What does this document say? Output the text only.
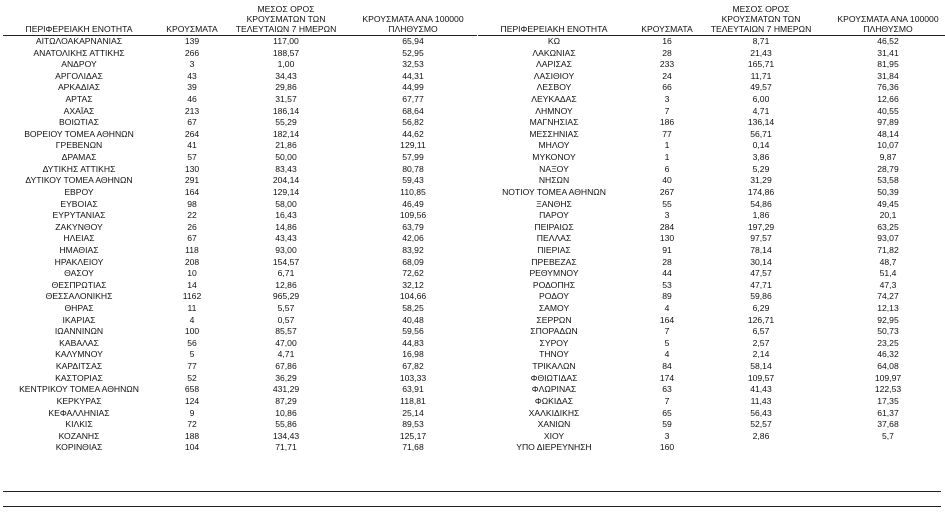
ΠΕΡΙΦΕΡΕΙΑΚΗ ΕΝΟΤΗΤΑ	ΚΡΟΥΣΜΑΤΑ
ΜΕΣΟΣ ΟΡΟΣ
ΚΡΟΥΣΜΑΤΩΝ ΤΩΝ
ΤΕΛΕΥΤΑΙΩΝ 7 ΗΜΕΡΩΝ
ΚΡΟΥΣΜΑΤΑ ΑΝΑ 100000
ΠΛΗΘΥΣΜΟ
ΑΙΤΩΛΟΑΚΑΡΝΑΝΙΑΣ	139	117,00	65,94
ΑΝΑΤΟΛΙΚΗΣ ΑΤΤΙΚΗΣ	266	188,57	52,95
ΑΝΔΡΟΥ	3	1,00	32,53
ΑΡΓΟΛΙΔΑΣ	43	34,43	44,31
ΑΡΚΑΔΙΑΣ	39	29,86	44,99
ΑΡΤΑΣ	46	31,57	67,77
ΑΧΑΪΑΣ	213	186,14	68,64
ΒΟΙΩΤΙΑΣ	67	55,29	56,82
ΒΟΡΕΙΟΥ ΤΟΜΕΑ ΑΘΗΝΩΝ	264	182,14	44,62
ΓΡΕΒΕΝΩΝ	41	21,86	129,11
ΔΡΑΜΑΣ	57	50,00	57,99
ΔΥΤΙΚΗΣ ΑΤΤΙΚΗΣ	130	83,43	80,78
ΔΥΤΙΚΟΥ ΤΟΜΕΑ ΑΘΗΝΩΝ	291	204,14	59,43
ΕΒΡΟΥ	164	129,14	110,85
ΕΥΒΟΙΑΣ	98	58,00	46,49
ΕΥΡΥΤΑΝΙΑΣ	22	16,43	109,56
ΖΑΚΥΝΘΟΥ	26	14,86	63,79
ΗΛΕΙΑΣ	67	43,43	42,06
ΗΜΑΘΙΑΣ	118	93,00	83,92
ΗΡΑΚΛΕΙΟΥ	208	154,57	68,09
ΘΑΣΟΥ	10	6,71	72,62
ΘΕΣΠΡΩΤΙΑΣ	14	12,86	32,12
ΘΕΣΣΑΛΟΝΙΚΗΣ	1162	965,29	104,66
ΘΗΡΑΣ	11	5,57	58,25
ΙΚΑΡΙΑΣ	4	0,57	40,48
ΙΩΑΝΝΙΝΩΝ	100	85,57	59,56
ΚΑΒΑΛΑΣ	56	47,00	44,83
ΚΑΛΥΜΝΟΥ	5	4,71	16,98
ΚΑΡΔΙΤΣΑΣ	77	67,86	67,82
ΚΑΣΤΟΡΙΑΣ	52	36,29	103,33
ΚΕΝΤΡΙΚΟΥ ΤΟΜΕΑ ΑΘΗΝΩΝ	658	431,29	63,91
ΚΕΡΚΥΡΑΣ	124	87,29	118,81
ΚΕΦΑΛΛΗΝΙΑΣ	9	10,86	25,14
ΚΙΛΚΙΣ	72	55,86	89,53
ΚΟΖΑΝΗΣ	188	134,43	125,17
ΚΟΡΙΝΘΙΑΣ	104	71,71	71,68
ΠΕΡΙΦΕΡΕΙΑΚΗ ΕΝΟΤΗΤΑ	ΚΡΟΥΣΜΑΤΑ
ΜΕΣΟΣ ΟΡΟΣ
ΚΡΟΥΣΜΑΤΩΝ ΤΩΝ
ΤΕΛΕΥΤΑΙΩΝ 7 ΗΜΕΡΩΝ
ΚΡΟΥΣΜΑΤΑ ΑΝΑ 100000
ΠΛΗΘΥΣΜΟ
ΚΩ	16	8,71	46,52
ΛΑΚΩΝΙΑΣ	28	21,43	31,41
ΛΑΡΙΣΑΣ	233	165,71	81,95
ΛΑΣΙΘΙΟΥ	24	11,71	31,84
ΛΕΣΒΟΥ	66	49,57	76,36
ΛΕΥΚΑΔΑΣ	3	6,00	12,66
ΛΗΜΝΟΥ	7	4,71	40,55
ΜΑΓΝΗΣΙΑΣ	186	136,14	97,89
ΜΕΣΣΗΝΙΑΣ	77	56,71	48,14
ΜΗΛΟΥ	1	0,14	10,07
ΜΥΚΟΝΟΥ	1	3,86	9,87
ΝΑΞΟΥ	6	5,29	28,79
ΝΗΣΩΝ	40	31,29	53,58
ΝΟΤΙΟΥ ΤΟΜΕΑ ΑΘΗΝΩΝ	267	174,86	50,39
ΞΑΝΘΗΣ	55	54,86	49,45
ΠΑΡΟΥ	3	1,86	20,1
ΠΕΙΡΑΙΩΣ	284	197,29	63,25
ΠΕΛΛΑΣ	130	97,57	93,07
ΠΙΕΡΙΑΣ	91	78,14	71,82
ΠΡΕΒΕΖΑΣ	28	30,14	48,7
ΡΕΘΥΜΝΟΥ	44	47,57	51,4
ΡΟΔΟΠΗΣ	53	47,71	47,3
ΡΟΔΟΥ	89	59,86	74,27
ΣΑΜΟΥ	4	6,29	12,13
ΣΕΡΡΩΝ	164	126,71	92,95
ΣΠΟΡΑΔΩΝ	7	6,57	50,73
ΣΥΡΟΥ	5	2,57	23,25
ΤΗΝΟΥ	4	2,14	46,32
ΤΡΙΚΑΛΩΝ	84	58,14	64,08
ΦΘΙΩΤΙΔΑΣ	174	109,57	109,97
ΦΛΩΡΙΝΑΣ	63	41,43	122,53
ΦΩΚΙΔΑΣ	7	11,43	17,35
ΧΑΛΚΙΔΙΚΗΣ	65	56,43	61,37
ΧΑΝΙΩΝ	59	52,57	37,68
ΧΙΟΥ	3	2,86	5,7
ΥΠΟ ΔΙΕΡΕΥΝΗΣΗ	160
